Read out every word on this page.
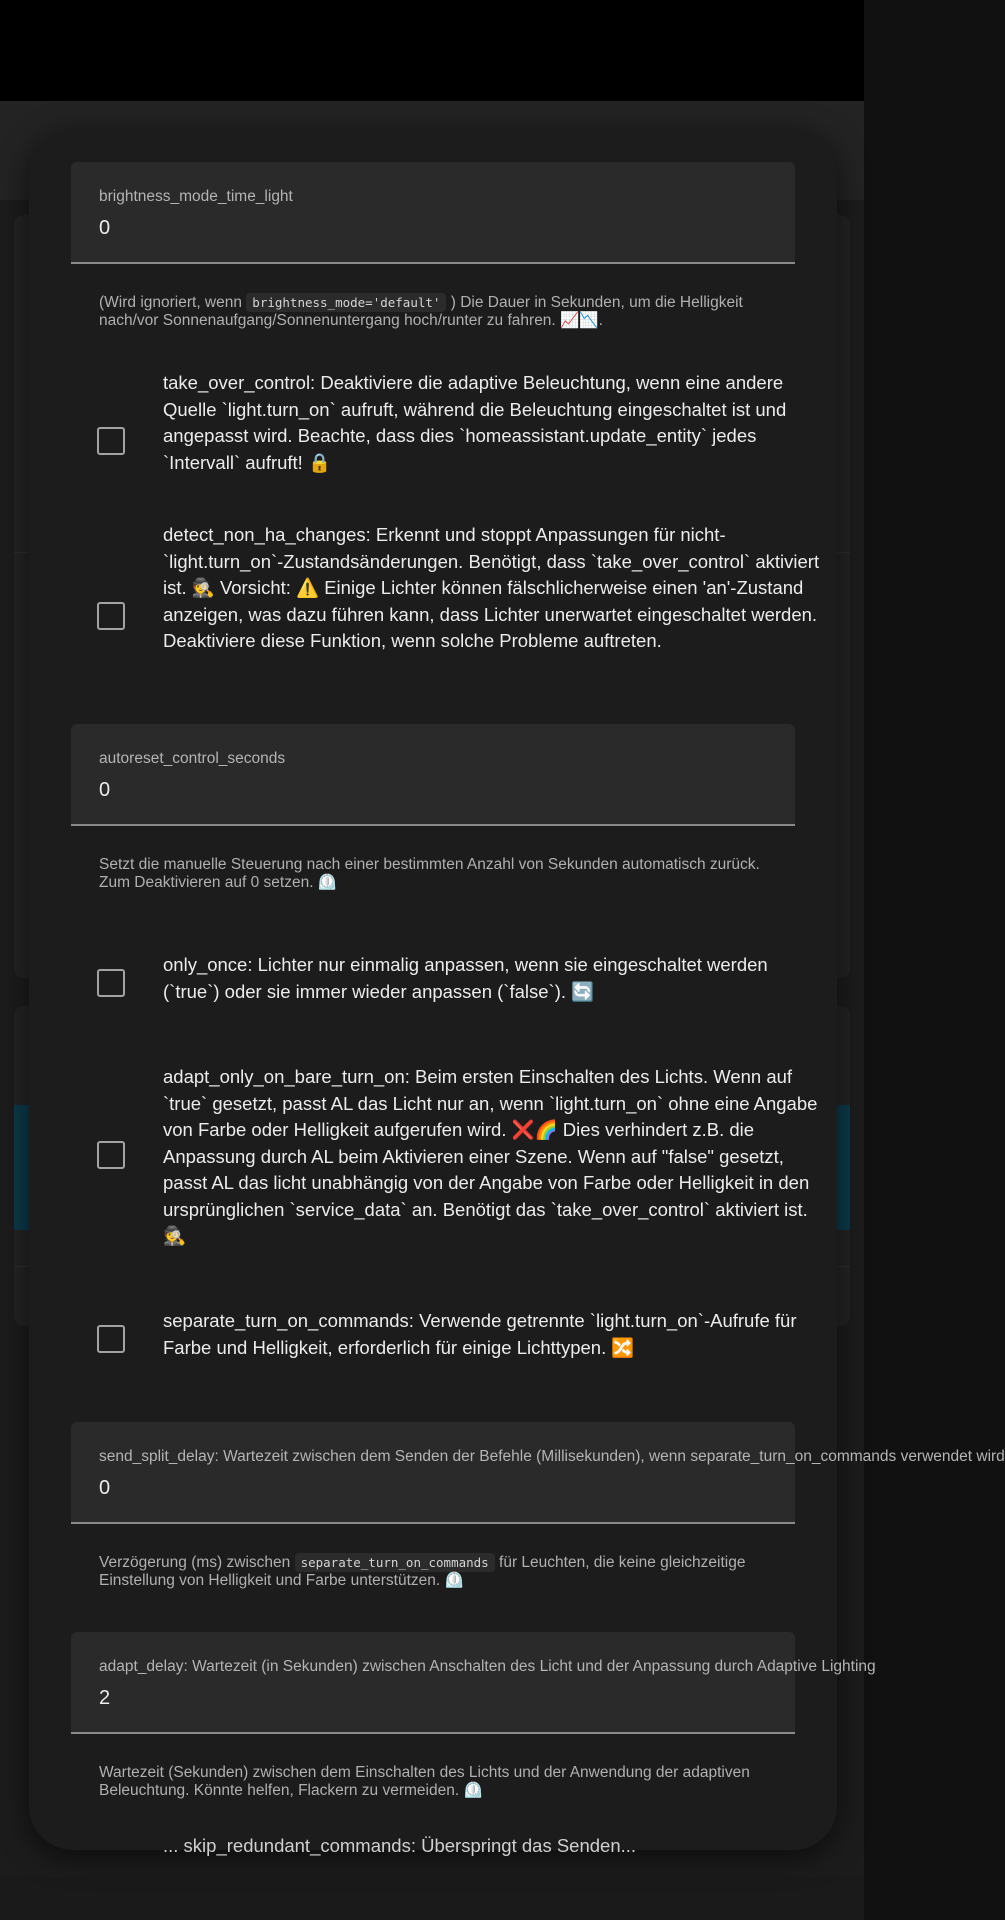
brightness_mode_time_light
0
(Wird ignoriert, wenn brightness_mode='default' ) Die Dauer in Sekunden, um die Helligkeit nach/vor Sonnenaufgang/Sonnenuntergang hoch/runter zu fahren. 📈📉.
take_over_control: Deaktiviere die adaptive Beleuchtung, wenn eine andere Quelle `light.turn_on` aufruft, während die Beleuchtung eingeschaltet ist und angepasst wird. Beachte, dass dies `homeassistant.update_entity` jedes `Intervall` aufruft! 🔒
detect_non_ha_changes: Erkennt und stoppt Anpassungen für nicht-`light.turn_on`-Zustandsänderungen. Benötigt, dass `take_over_control` aktiviert ist. 🕵️ Vorsicht: ⚠️ Einige Lichter können fälschlicherweise einen 'an'-Zustand anzeigen, was dazu führen kann, dass Lichter unerwartet eingeschaltet werden. Deaktiviere diese Funktion, wenn solche Probleme auftreten.
autoreset_control_seconds
0
Setzt die manuelle Steuerung nach einer bestimmten Anzahl von Sekunden automatisch zurück. Zum Deaktivieren auf 0 setzen. ⏲️
only_once: Lichter nur einmalig anpassen, wenn sie eingeschaltet werden (`true`) oder sie immer wieder anpassen (`false`). 🔄
adapt_only_on_bare_turn_on: Beim ersten Einschalten des Lichts. Wenn auf `true` gesetzt, passt AL das Licht nur an, wenn `light.turn_on` ohne eine Angabe von Farbe oder Helligkeit aufgerufen wird. ❌🌈 Dies verhindert z.B. die Anpassung durch AL beim Aktivieren einer Szene. Wenn auf "false" gesetzt, passt AL das licht unabhängig von der Angabe von Farbe oder Helligkeit in den ursprünglichen `service_data` an. Benötigt das `take_over_control` aktiviert ist. 🕵️
separate_turn_on_commands: Verwende getrennte `light.turn_on`-Aufrufe für Farbe und Helligkeit, erforderlich für einige Lichttypen. 🔀
send_split_delay: Wartezeit zwischen dem Senden der Befehle (Millisekunden), wenn separate_turn_on_commands verwendet wird
0
Verzögerung (ms) zwischen separate_turn_on_commands für Leuchten, die keine gleichzeitige Einstellung von Helligkeit und Farbe unterstützen. ⏲️
adapt_delay: Wartezeit (in Sekunden) zwischen Anschalten des Licht und der Anpassung durch Adaptive Lighting
2
Wartezeit (Sekunden) zwischen dem Einschalten des Lichts und der Anwendung der adaptiven Beleuchtung. Könnte helfen, Flackern zu vermeiden. ⏲️
... skip_redundant_commands: Überspringt das Senden...
